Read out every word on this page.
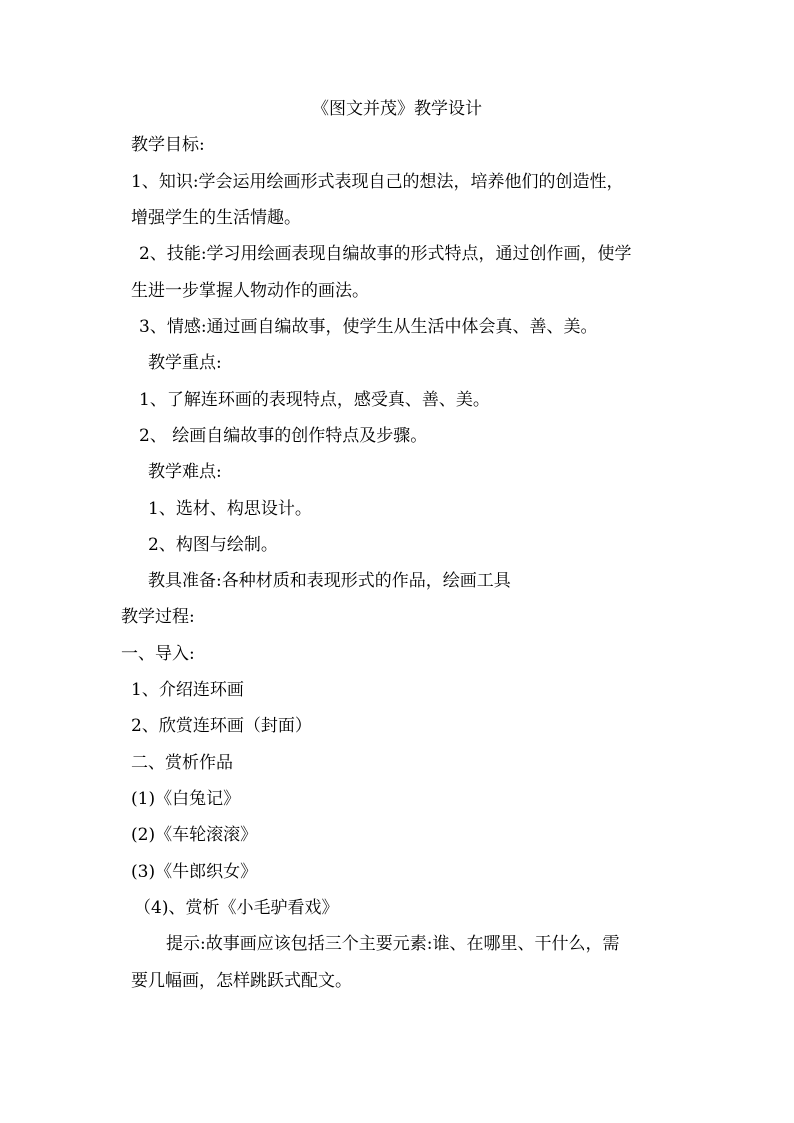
《图文并茂》教学设计

教学目标:

1、知识:学会运用绘画形式表现自己的想法，培养他们的创造性，

增强学生的生活情趣。

2、技能:学习用绘画表现自编故事的形式特点，通过创作画，使学

生进一步掌握人物动作的画法。

3、情感:通过画自编故事，使学生从生活中体会真、善、美。

教学重点:

1、了解连环画的表现特点，感受真、善、美。

2、 绘画自编故事的创作特点及步骤。

教学难点:

1、选材、构思设计。

2、构图与绘制。

教具准备:各种材质和表现形式的作品，绘画工具

教学过程:

一、导入:

1、介绍连环画

2、欣赏连环画（封面）

二、赏析作品

(1)《白兔记》

(2)《车轮滚滚》

(3)《牛郎织女》

（4)、赏析《小毛驴看戏》

提示:故事画应该包括三个主要元素:谁、在哪里、干什么，需

要几幅画，怎样跳跃式配文。
